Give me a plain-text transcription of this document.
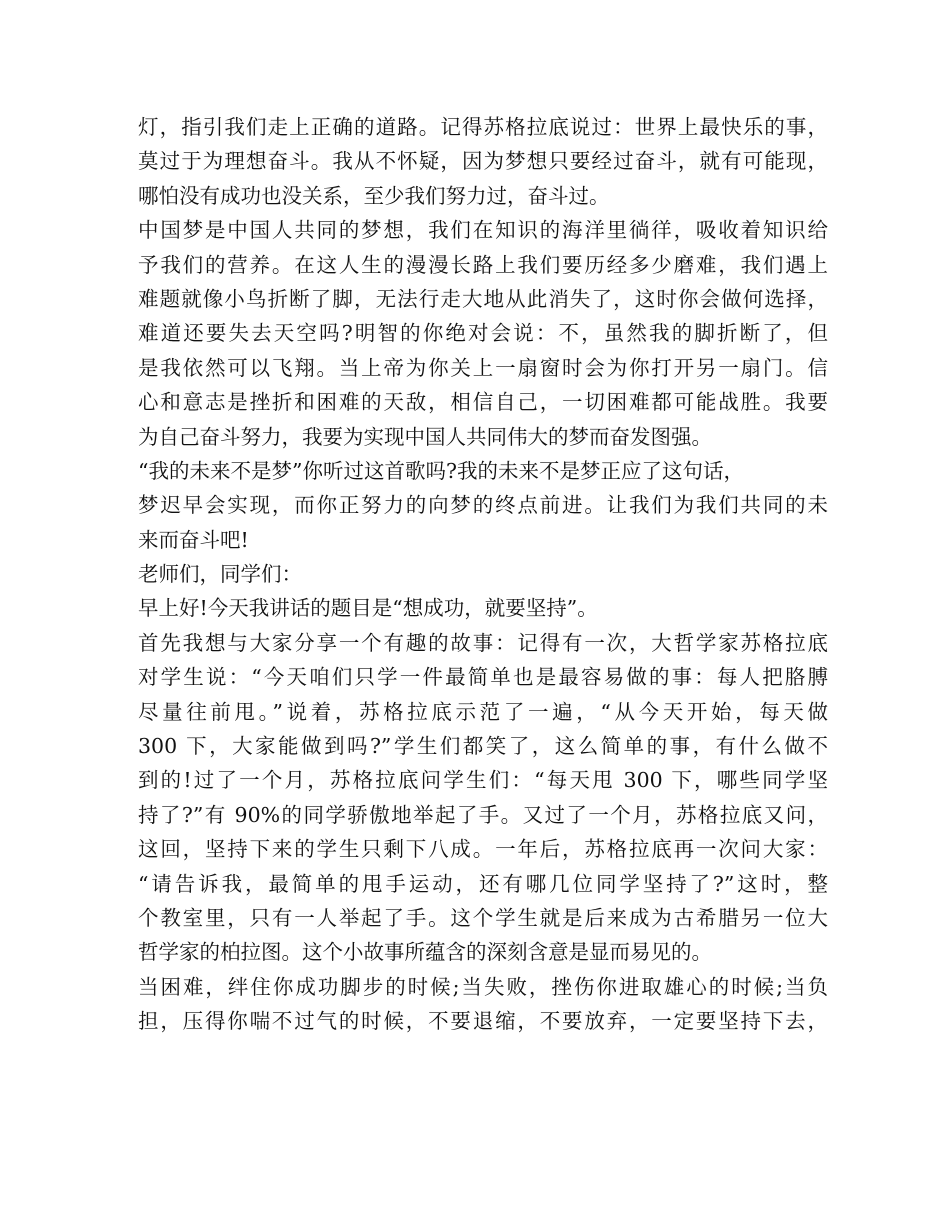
灯，指引我们走上正确的道路。记得苏格拉底说过：世界上最快乐的事，
莫过于为理想奋斗。我从不怀疑，因为梦想只要经过奋斗，就有可能现，
哪怕没有成功也没关系，至少我们努力过，奋斗过。
中国梦是中国人共同的梦想，我们在知识的海洋里徜徉，吸收着知识给
予我们的营养。在这人生的漫漫长路上我们要历经多少磨难，我们遇上
难题就像小鸟折断了脚，无法行走大地从此消失了，这时你会做何选择，
难道还要失去天空吗?明智的你绝对会说：不，虽然我的脚折断了，但
是我依然可以飞翔。当上帝为你关上一扇窗时会为你打开另一扇门。信
心和意志是挫折和困难的天敌，相信自己，一切困难都可能战胜。我要
为自己奋斗努力，我要为实现中国人共同伟大的梦而奋发图强。
“我的未来不是梦”你听过这首歌吗?我的未来不是梦正应了这句话，
梦迟早会实现，而你正努力的向梦的终点前进。让我们为我们共同的未
来而奋斗吧!
老师们，同学们：
早上好!今天我讲话的题目是“想成功，就要坚持”。
首先我想与大家分享一个有趣的故事：记得有一次，大哲学家苏格拉底
对学生说：“今天咱们只学一件最简单也是最容易做的事：每人把胳膊
尽量往前甩。”说着，苏格拉底示范了一遍，“从今天开始，每天做
300 下，大家能做到吗?”学生们都笑了，这么简单的事，有什么做不
到的!过了一个月，苏格拉底问学生们：“每天甩 300 下，哪些同学坚
持了?”有 90%的同学骄傲地举起了手。又过了一个月，苏格拉底又问，
这回，坚持下来的学生只剩下八成。一年后，苏格拉底再一次问大家：
“请告诉我，最简单的甩手运动，还有哪几位同学坚持了?”这时，整
个教室里，只有一人举起了手。这个学生就是后来成为古希腊另一位大
哲学家的柏拉图。这个小故事所蕴含的深刻含意是显而易见的。
当困难，绊住你成功脚步的时候;当失败，挫伤你进取雄心的时候;当负
担，压得你喘不过气的时候，不要退缩，不要放弃，一定要坚持下去，
